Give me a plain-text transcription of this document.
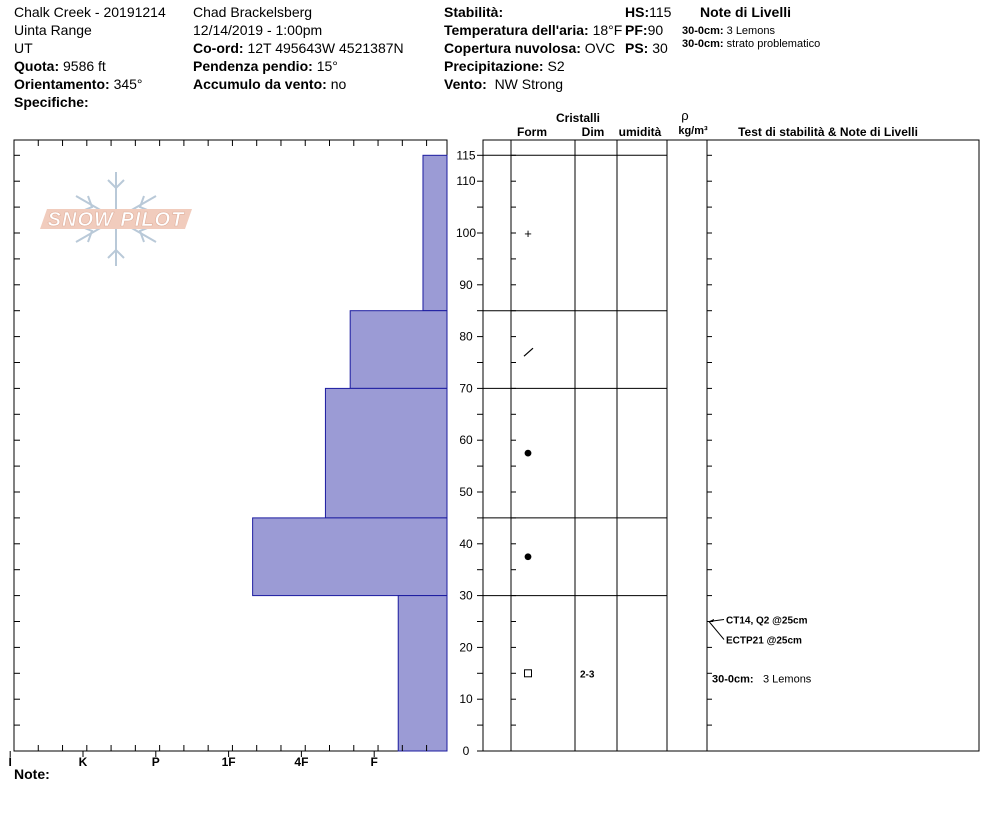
Chalk Creek - 20191214
Uinta Range
UT
Quota: 9586 ft
Orientamento: 345°
Specifiche:
Chad Brackelsberg
12/14/2019 - 1:00pm
Co-ord: 12T 495643W 4521387N
Pendenza pendio: 15°
Accumulo da vento: no
Stabilità:
Temperatura dell'aria: 18°F
Copertura nuvolosa: OVC
Precipitazione: S2
Vento: NW Strong
HS:115
PF:90
PS: 30
Note di Livelli
30-0cm: 3 Lemons
30-0cm: strato problematico
Note:
SNOW PILOT
I	K	P	1F	4F	F
0
10
20
30
40
50
60
70
80
90
100
110
115
Cristalli
Form	Dim umidità
ρ
kg/m³	Test di stabilità & Note di Livelli
+
2-3
CT14, Q2 @25cm
ECTP21 @25cm
30-0cm: 3 Lemons
